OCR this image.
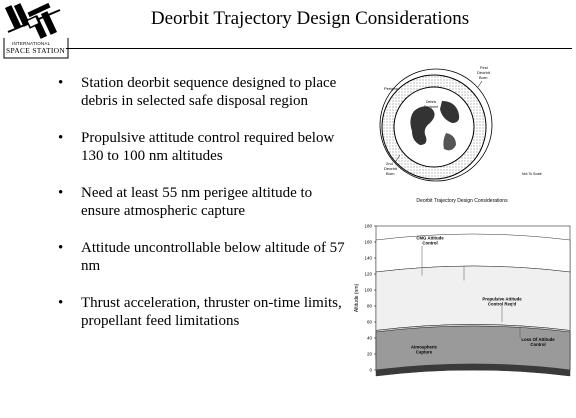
INTERNATIONAL
SPACE STATION
Deorbit Trajectory Design Considerations
• Station deorbit sequence designed to place debris in selected safe disposal region
• Propulsive attitude control required below 130 to 100 nm altitudes
• Need at least 55 nm perigee altitude to ensure atmospheric capture
• Attitude uncontrollable below altitude of 57 nm
• Thrust acceleration, thruster on-time limits, propellant feed limitations
Perigee
Debris
Footprint
First
Deorbit
Burn
2nd
Deorbit
Burn	Not To Scale
Deorbit Trajectory Design Considerations
0
20
40
60
80
100
120
140
160
180
Altitude (nm)
CMG Attitude
Control
Propulsive Attitude
Control Req'd
Atmospheric
Capture
Loss Of Attitude
Control
